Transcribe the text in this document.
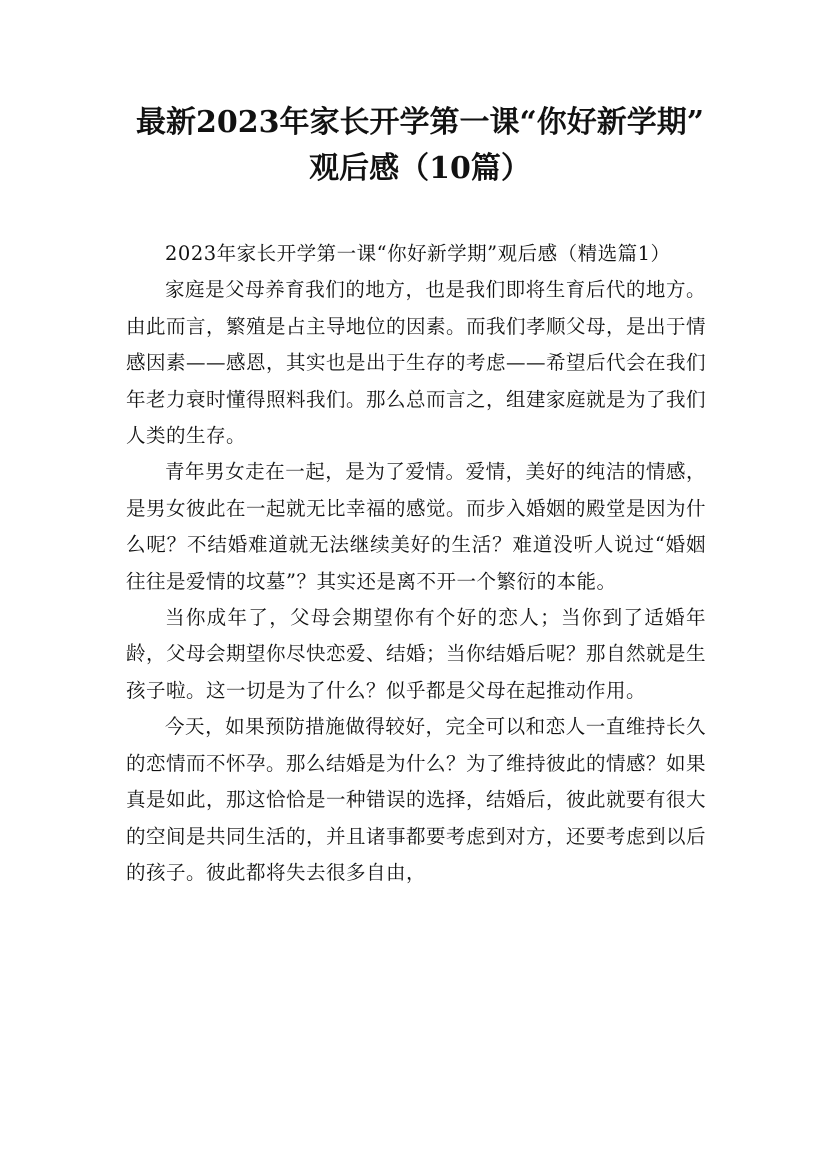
最新2023年家长开学第一课“你好新学期”
观后感（10篇）

2023年家长开学第一课“你好新学期”观后感（精选篇1）

家庭是父母养育我们的地方，也是我们即将生育后代的地方。由此而言，繁殖是占主导地位的因素。而我们孝顺父母，是出于情感因素——感恩，其实也是出于生存的考虑——希望后代会在我们年老力衰时懂得照料我们。那么总而言之，组建家庭就是为了我们人类的生存。

青年男女走在一起，是为了爱情。爱情，美好的纯洁的情感，是男女彼此在一起就无比幸福的感觉。而步入婚姻的殿堂是因为什么呢？不结婚难道就无法继续美好的生活？难道没听人说过“婚姻往往是爱情的坟墓”？其实还是离不开一个繁衍的本能。

当你成年了，父母会期望你有个好的恋人；当你到了适婚年龄，父母会期望你尽快恋爱、结婚；当你结婚后呢？那自然就是生孩子啦。这一切是为了什么？似乎都是父母在起推动作用。

今天，如果预防措施做得较好，完全可以和恋人一直维持长久的恋情而不怀孕。那么结婚是为什么？为了维持彼此的情感？如果真是如此，那这恰恰是一种错误的选择，结婚后，彼此就要有很大的空间是共同生活的，并且诸事都要考虑到对方，还要考虑到以后的孩子。彼此都将失去很多自由，
